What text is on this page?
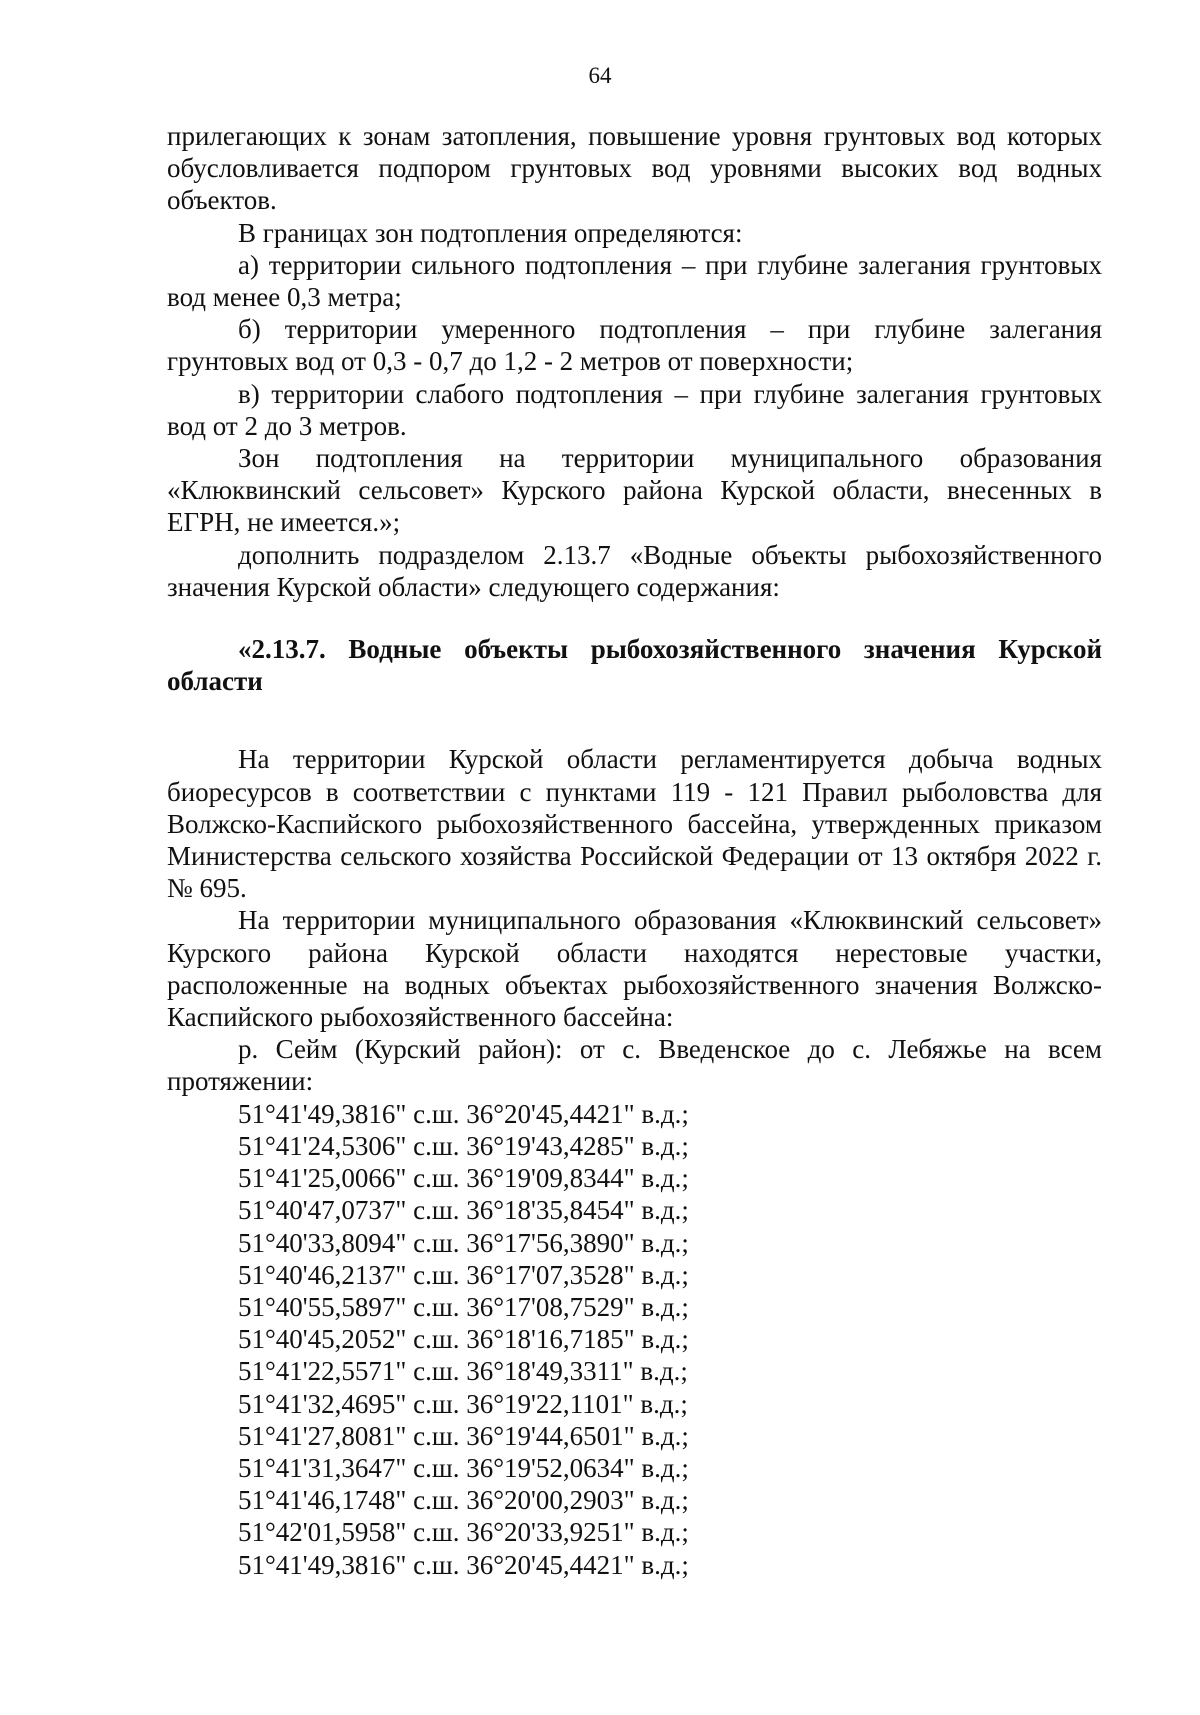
64

прилегающих к зонам затопления, повышение уровня грунтовых вод которых обусловливается подпором грунтовых вод уровнями высоких вод водных объектов.

В границах зон подтопления определяются:

а) территории сильного подтопления – при глубине залегания грунтовых вод менее 0,3 метра;

б) территории умеренного подтопления – при глубине залегания грунтовых вод от 0,3 - 0,7 до 1,2 - 2 метров от поверхности;

в) территории слабого подтопления – при глубине залегания грунтовых вод от 2 до 3 метров.

Зон подтопления на территории муниципального образования «Клюквинский сельсовет» Курского района Курской области, внесенных в ЕГРН, не имеется.»;

дополнить подразделом 2.13.7 «Водные объекты рыбохозяйственного значения Курской области» следующего содержания:

«2.13.7. Водные объекты рыбохозяйственного значения Курской области

На территории Курской области регламентируется добыча водных биоресурсов в соответствии с пунктами 119 - 121 Правил рыболовства для Волжско-Каспийского рыбохозяйственного бассейна, утвержденных приказом Министерства сельского хозяйства Российской Федерации от 13 октября 2022 г. № 695.

На территории муниципального образования «Клюквинский сельсовет» Курского района Курской области находятся нерестовые участки, расположенные на водных объектах рыбохозяйственного значения Волжско-Каспийского рыбохозяйственного бассейна:

р. Сейм (Курский район): от с. Введенское до с. Лебяжье на всем протяжении:

51°41'49,3816" с.ш. 36°20'45,4421" в.д.;

51°41'24,5306" с.ш. 36°19'43,4285" в.д.;

51°41'25,0066" с.ш. 36°19'09,8344" в.д.;

51°40'47,0737" с.ш. 36°18'35,8454" в.д.;

51°40'33,8094" с.ш. 36°17'56,3890" в.д.;

51°40'46,2137" с.ш. 36°17'07,3528" в.д.;

51°40'55,5897" с.ш. 36°17'08,7529" в.д.;

51°40'45,2052" с.ш. 36°18'16,7185" в.д.;

51°41'22,5571" с.ш. 36°18'49,3311" в.д.;

51°41'32,4695" с.ш. 36°19'22,1101" в.д.;

51°41'27,8081" с.ш. 36°19'44,6501" в.д.;

51°41'31,3647" с.ш. 36°19'52,0634" в.д.;

51°41'46,1748" с.ш. 36°20'00,2903" в.д.;

51°42'01,5958" с.ш. 36°20'33,9251" в.д.;

51°41'49,3816" с.ш. 36°20'45,4421" в.д.;
